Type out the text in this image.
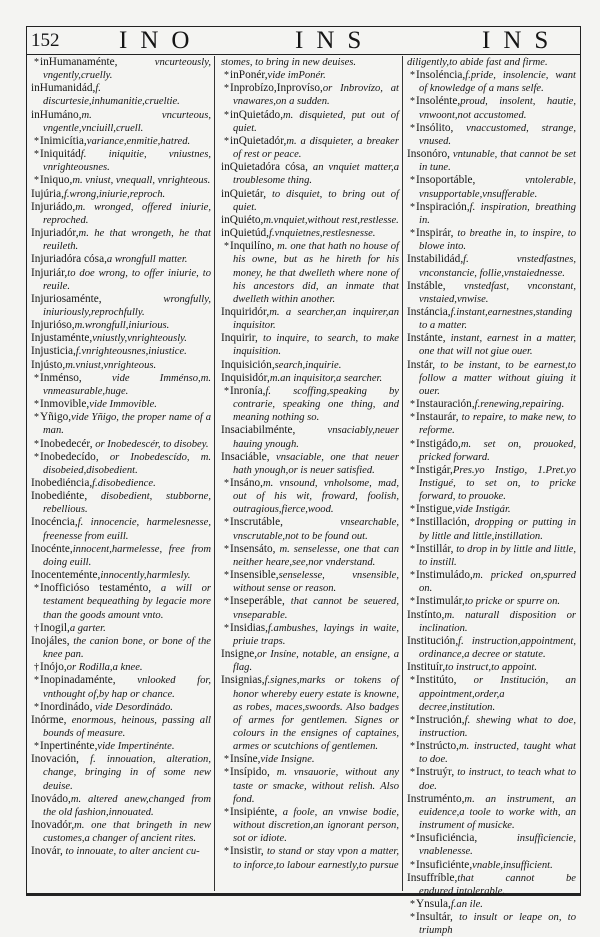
152 INO	INS	INS
*inHumanaménte, vncurteously, vngently,cruelly.
inHumanidád,f. discurtesie,inhumanitie,crueltie.
inHumáno,m. vncurteous, vngentle,vnciuill,cruell.
*Inimicítia,variance,enmitie,hatred.
*Iniquitádf. iniquitie, vniustnes, vnrighteousnes.
*Iniquo,m. vniust, vnequall, vnrighteous.
Iujúria,f.wrong,iniurie,reproch.
Injuriádo,m. wronged, offered iniurie, reproched.
Injuriadór,m. he that wrongeth, he that reuileth.
Injuriadóra cósa,a wrongfull matter.
Injuriár,to doe wrong, to offer iniurie, to reuile.
Injuriosaménte, wrongfully, iniuriously,reprochfully.
Injurióso,m.wrongfull,iniurious.
Injustaménte,vniustly,vnrighteously.
Injusticia,f.vnrighteousnes,iniustice.
Injústo,m.vniust,vnrighteous.
*Inménso, vide Imménso,m. vnmeasurable,huge.
*Inmovible,vide Immovible.
*Yñigo,vide Yñigo, the proper name of a man.
*Inobedecér, or Inobedescér, to disobey.
*Inobedecído, or Inobedescído, m. disobeied,disobedient.
Inobediéncia,f.disobedience.
Inobediénte, disobedient, stubborne, rebellious.
Inocéncia,f. innocencie, harmelesnesse, freenesse from euill.
Inocénte,innocent,harmelesse, free from doing euill.
Inocenteménte,innocently,harmlesly.
*Inofficióso testaménto, a will or testament bequeathing by legacie more than the goods amount vnto.
†Inogil,a garter.
Inojáles, the canion bone, or bone of the knee pan.
†Inójo,or Rodilla,a knee.
*Inopinadaménte, vnlooked for, vnthought of,by hap or chance.
*Inordinádo, vide Desordinádo.
Inórme, enormous, heinous, passing all bounds of measure.
*Inpertinénte,vide Impertinénte.
Inovación, f. innouation, alteration, change, bringing in of some new deuise.
Inovádo,m. altered anew,changed from the old fashion,innouated.
Inovadór,m. one that bringeth in new customes,a changer of ancient rites.
Inovár, to innouate, to alter ancient cu-
stomes, to bring in new deuises.
*inPonér,vide imPonér.
*Inprobízo,Inprovíso,or Inbrovízo, at vnawares,on a sudden.
*inQuietádo,m. disquieted, put out of quiet.
*inQuietadór,m. a disquieter, a breaker of rest or peace.
inQuietadóra cósa, an vnquiet matter,a troublesome thing.
inQuietár, to disquiet, to bring out of quiet.
inQuiéto,m.vnquiet,without rest,restlesse.
inQuietúd,f.vnquietnes,restlesnesse.
*Inquilíno, m. one that hath no house of his owne, but as he hireth for his money, he that dwelleth where none of his ancestors did, an inmate that dwelleth within another.
Inquiridór,m. a searcher,an inquirer,an inquisitor.
Inquirir, to inquire, to search, to make inquisition.
Inquisición,search,inquirie.
Inquisidór,m.an inquisitor,a searcher.
*Inronía,f. scoffing,speaking by contrarie, speaking one thing, and meaning nothing so.
Insaciabilménte, vnsaciably,neuer hauing ynough.
Insaciáble, vnsaciable, one that neuer hath ynough,or is neuer satisfied.
*Insáno,m. vnsound, vnholsome, mad, out of his wit, froward, foolish, outragious,fierce,wood.
*Inscrutáble, vnsearchable, vnscrutable,not to be found out.
*Insensáto, m. senselesse, one that can neither heare,see,nor vnderstand.
*Insensible,senselesse, vnsensible, without sense or reason.
*Inseperáble, that cannot be seuered, vnseparable.
*Insidias,f.ambushes, layings in waite, priuie traps.
Insigne,or Insíne, notable, an ensigne, a flag.
Insignias,f.signes,marks or tokens of honor whereby euery estate is knowne, as robes, maces,swoords. Also badges of armes for gentlemen. Signes or colours in the ensignes of captaines, armes or scutchions of gentlemen.
*Insíne,vide Insigne.
*Insípido, m. vnsauorie, without any taste or smacke, without relish. Also fond.
*Insipiénte, a foole, an vnwise bodie, without discretion,an ignorant person, sot or idiote.
*Insistir, to stand or stay vpon a matter, to inforce,to labour earnestly,to pursue
diligently,to abide fast and firme.
*Insoléncia,f.pride, insolencie, want of knowledge of a mans selfe.
*Insolénte,proud, insolent, hautie, vnwoont,not accustomed.
*Insólito, vnaccustomed, strange, vnused.
Insonóro, vntunable, that cannot be set in tune.
*Insoportáble, vntolerable, vnsupportable,vnsufferable.
*Inspiración,f. inspiration, breathing in.
*Inspirár, to breathe in, to inspire, to blowe into.
Instabilidád,f. vnstedfastnes, vnconstancie, follie,vnstaiednesse.
Instáble, vnstedfast, vnconstant, vnstaied,vnwise.
Instáncia,f.instant,earnestnes,standing to a matter.
Instánte, instant, earnest in a matter, one that will not giue ouer.
Instár, to be instant, to be earnest,to follow a matter without giuing it ouer.
*Instauración,f.renewing,repairing.
*Instaurár, to repaire, to make new, to reforme.
*Instigádo,m. set on, prouoked, pricked forward.
*Instigár,Pres.yo Instigo, 1.Pret.yo Instigué, to set on, to pricke forward, to prouoke.
*Instigue,vide Instigár.
*Instillación, dropping or putting in by little and little,instillation.
*Instillár, to drop in by little and little, to instill.
*Instimuládo,m. pricked on,spurred on.
*Instimulár,to pricke or spurre on.
Instínto,m. naturall disposition or inclination.
Institución,f. instruction,appointment, ordinance,a decree or statute.
Instituír,to instruct,to appoint.
*Institúto, or Institución, an appointment,order,a decree,institution.
*Instrución,f. shewing what to doe, instruction.
*Instrúcto,m. instructed, taught what to doe.
*Instruýr, to instruct, to teach what to doe.
Instruménto,m. an instrument, an euidence,a toole to worke with, an instrument of musicke.
*Insuficiéncia, insufficiencie, vnablenesse.
*Insuficiénte,vnable,insufficient.
Insuffríble,that cannot be endured,intolerable.
*Ynsula,f.an ile.
*Insultár, to insult or leape on, to triumph
